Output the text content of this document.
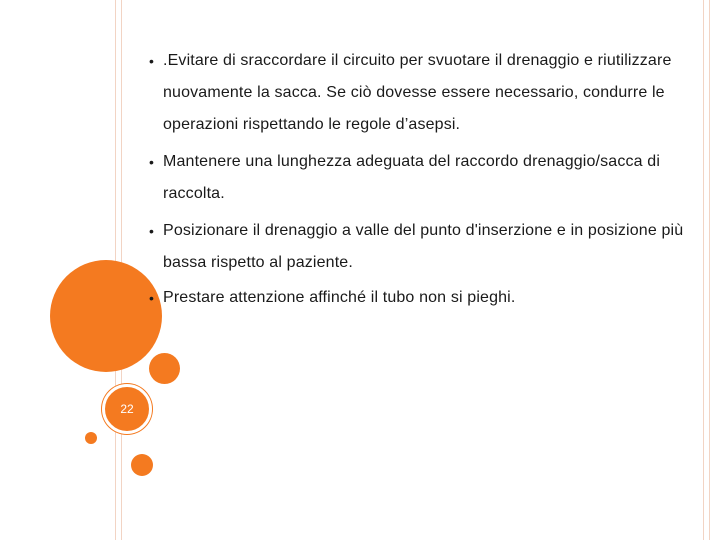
22
• .Evitare di sraccordare il circuito per svuotare il drenaggio e riutilizzare nuovamente la sacca. Se ciò dovesse essere necessario, condurre le operazioni rispettando le regole d’asepsi.
• Mantenere una lunghezza adeguata del raccordo drenaggio/sacca di raccolta.
• Posizionare il drenaggio a valle del punto d'inserzione e in posizione più bassa rispetto al paziente.
• Prestare attenzione affinché il tubo non si pieghi.
